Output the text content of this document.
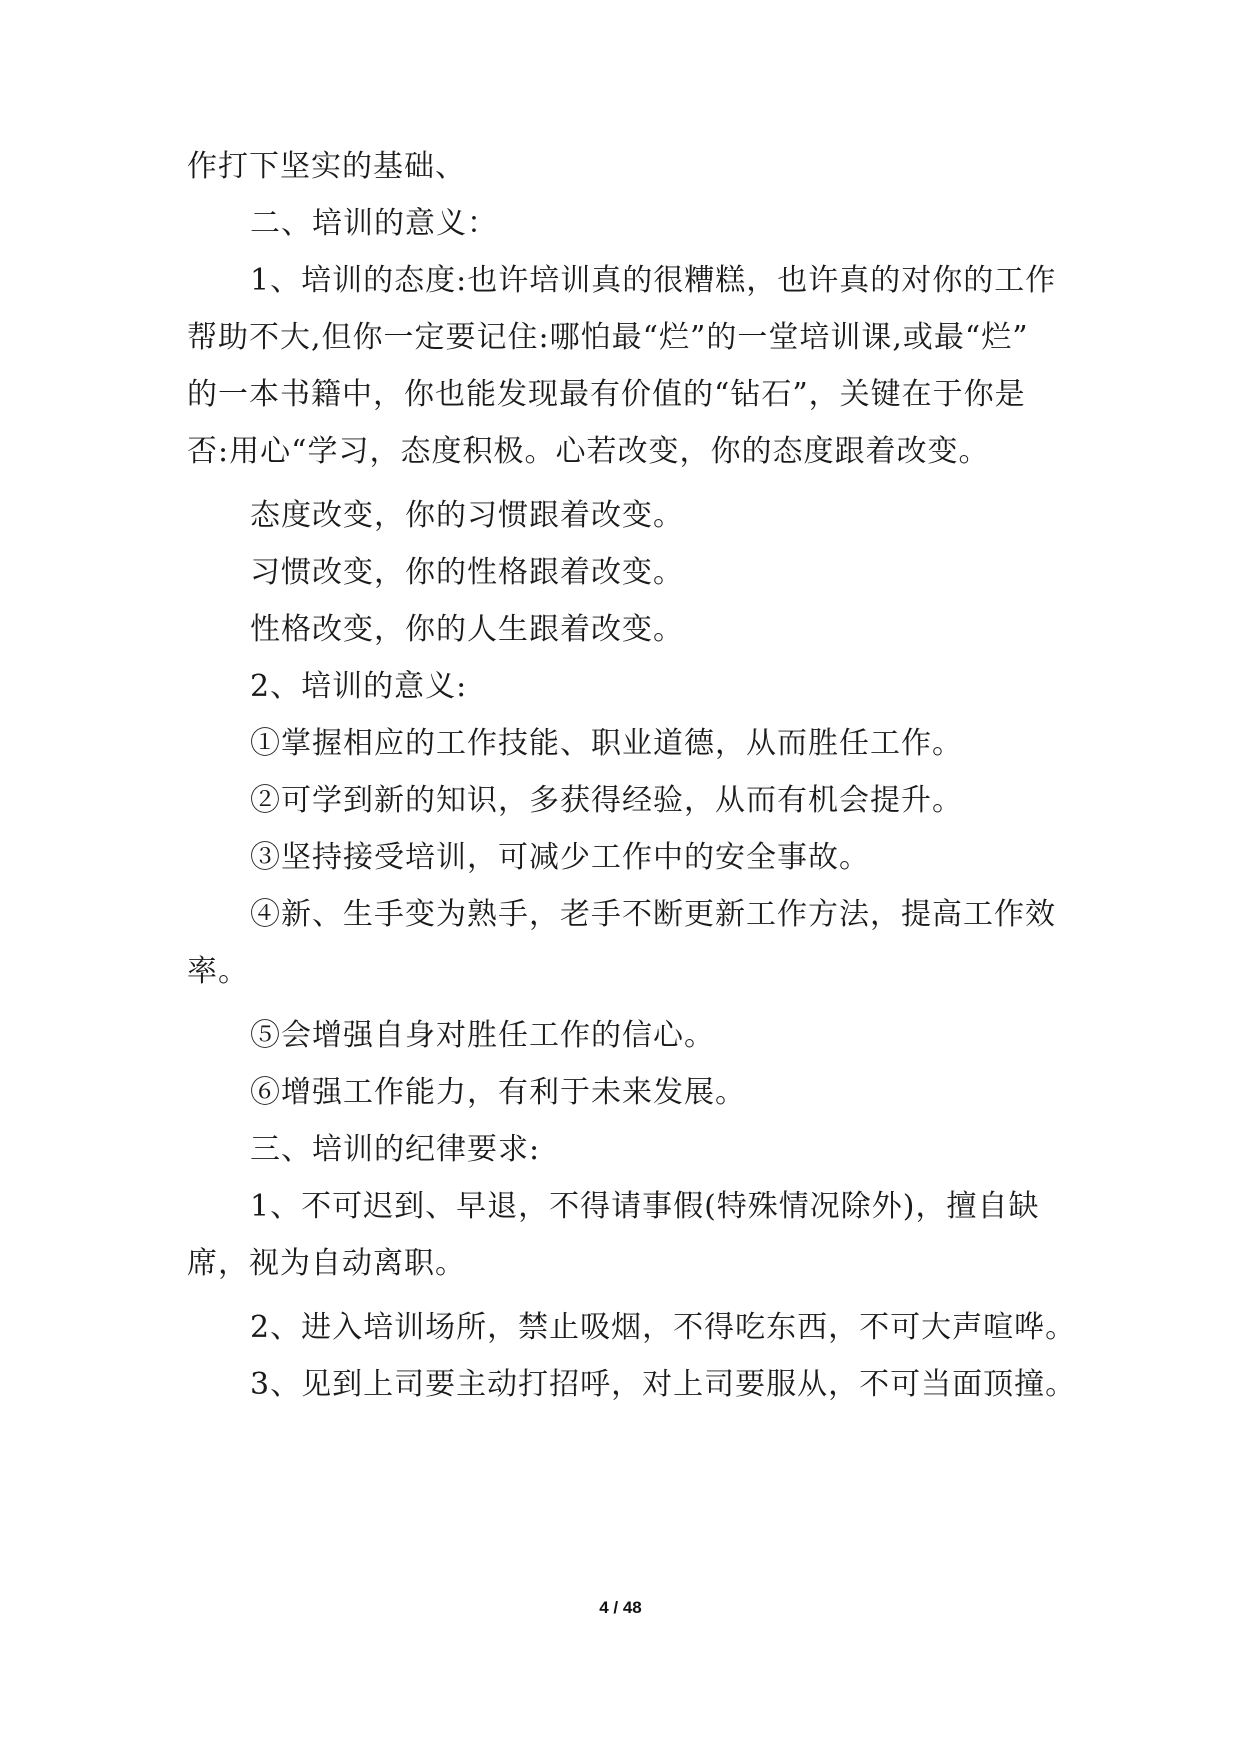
作打下坚实的基础、
二、培训的意义：
1、培训的态度:也许培训真的很糟糕，也许真的对你的工作
帮助不大,但你一定要记住:哪怕最“烂”的一堂培训课,或最“烂”
的一本书籍中，你也能发现最有价值的“钻石”，关键在于你是
否:用心“学习，态度积极。心若改变，你的态度跟着改变。
态度改变，你的习惯跟着改变。
习惯改变，你的性格跟着改变。
性格改变，你的人生跟着改变。
2、培训的意义:
①掌握相应的工作技能、职业道德，从而胜任工作。
②可学到新的知识，多获得经验，从而有机会提升。
③坚持接受培训，可减少工作中的安全事故。
④新、生手变为熟手，老手不断更新工作方法，提高工作效
率。
⑤会增强自身对胜任工作的信心。
⑥增强工作能力，有利于未来发展。
三、培训的纪律要求:
1、不可迟到、早退，不得请事假(特殊情况除外)，擅自缺
席，视为自动离职。
2、进入培训场所，禁止吸烟，不得吃东西，不可大声喧哗。
3、见到上司要主动打招呼，对上司要服从，不可当面顶撞。
4 / 48
